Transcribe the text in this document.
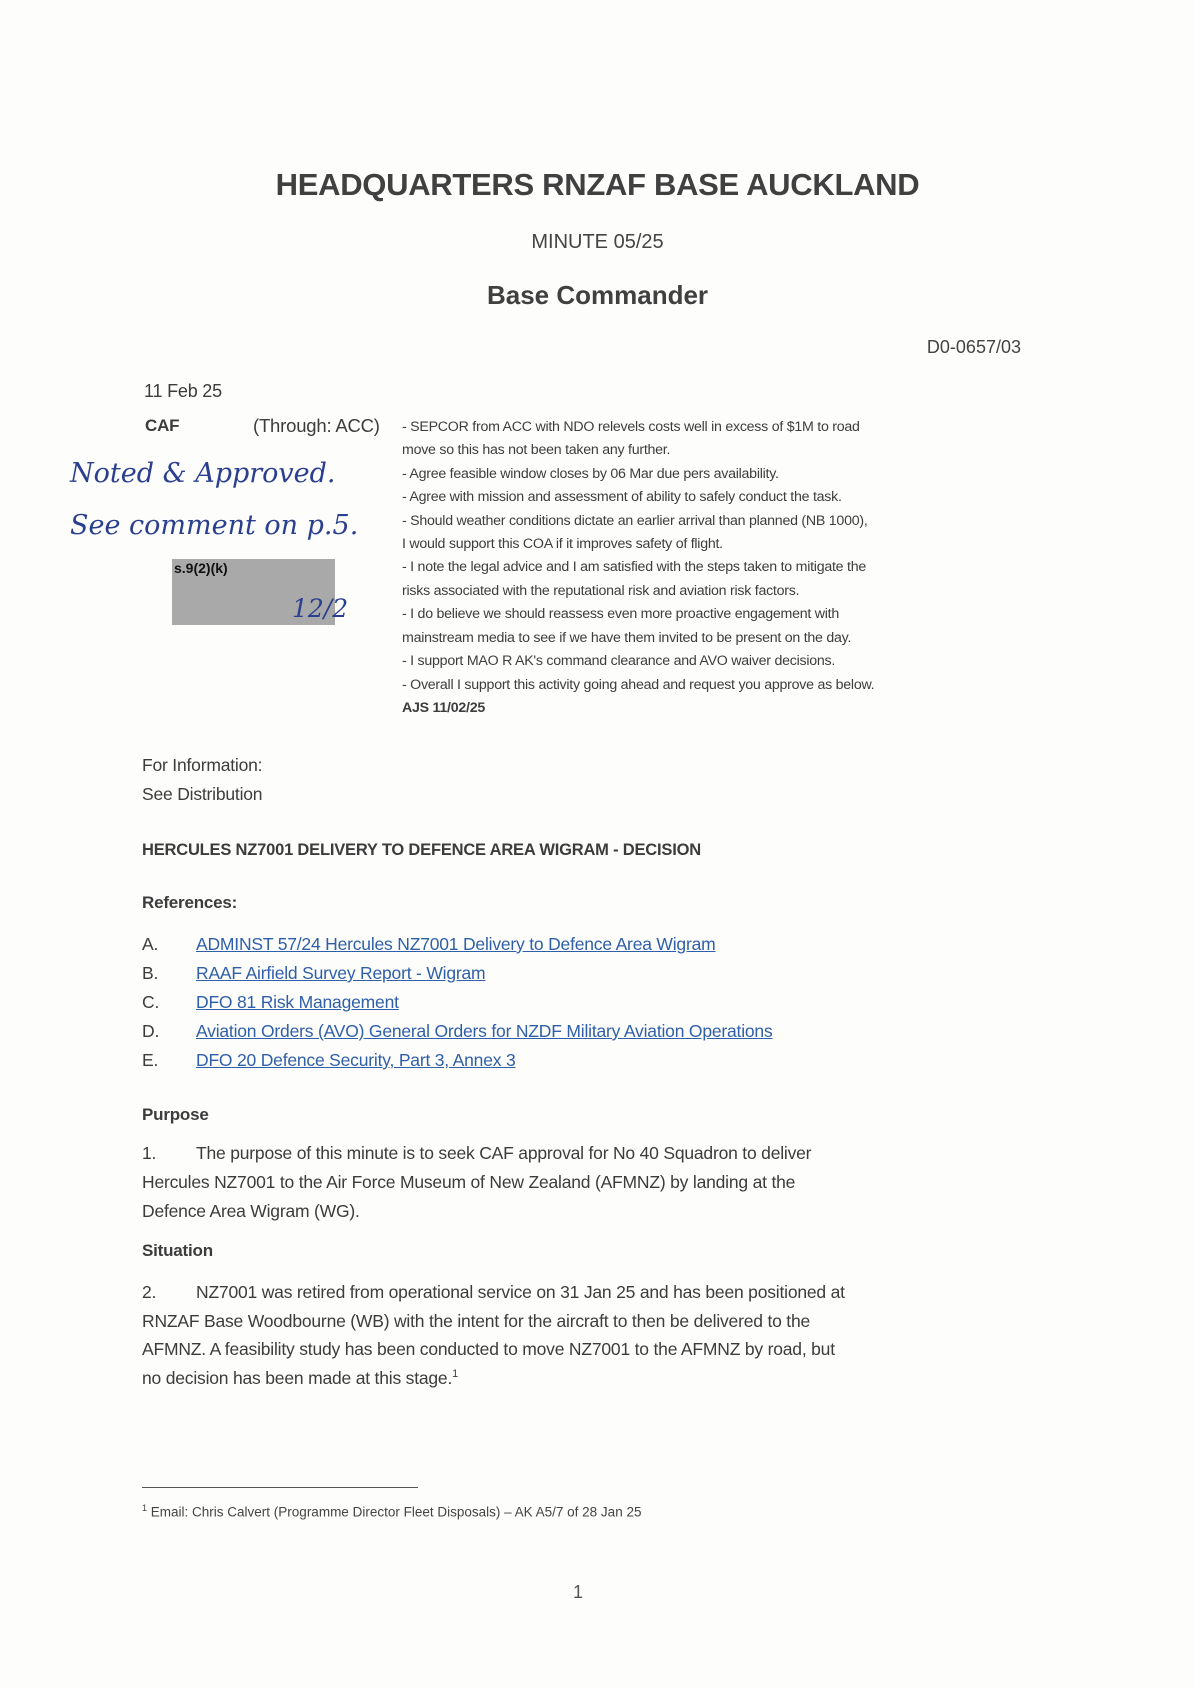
HEADQUARTERS RNZAF BASE AUCKLAND
MINUTE 05/25
Base Commander
D0-0657/03
11 Feb 25
CAF	(Through: ACC) - SEPCOR from ACC with NDO relevels costs well in excess of $1M to road
move so this has not been taken any further.
- Agree feasible window closes by 06 Mar due pers availability.
- Agree with mission and assessment of ability to safely conduct the task.
- Should weather conditions dictate an earlier arrival than planned (NB 1000),
I would support this COA if it improves safety of flight.
- I note the legal advice and I am satisfied with the steps taken to mitigate the
risks associated with the reputational risk and aviation risk factors.
- I do believe we should reassess even more proactive engagement with
mainstream media to see if we have them invited to be present on the day.
- I support MAO R AK's command clearance and AVO waiver decisions.
- Overall I support this activity going ahead and request you approve as below.
AJS 11/02/25
Noted & Approved.
See comment on p.5.
s.9(2)(k)
12/2
For Information:
See Distribution
HERCULES NZ7001 DELIVERY TO DEFENCE AREA WIGRAM - DECISION
References:
A. ADMINST 57/24 Hercules NZ7001 Delivery to Defence Area Wigram
B. RAAF Airfield Survey Report - Wigram
C. DFO 81 Risk Management
D. Aviation Orders (AVO) General Orders for NZDF Military Aviation Operations
E. DFO 20 Defence Security, Part 3, Annex 3
Purpose
1. The purpose of this minute is to seek CAF approval for No 40 Squadron to deliver
Hercules NZ7001 to the Air Force Museum of New Zealand (AFMNZ) by landing at the
Defence Area Wigram (WG).
Situation
2. NZ7001 was retired from operational service on 31 Jan 25 and has been positioned at
RNZAF Base Woodbourne (WB) with the intent for the aircraft to then be delivered to the
AFMNZ. A feasibility study has been conducted to move NZ7001 to the AFMNZ by road, but
no decision has been made at this stage.$^1$
$^1$ Email: Chris Calvert (Programme Director Fleet Disposals) – AK A5/7 of 28 Jan 25
1
